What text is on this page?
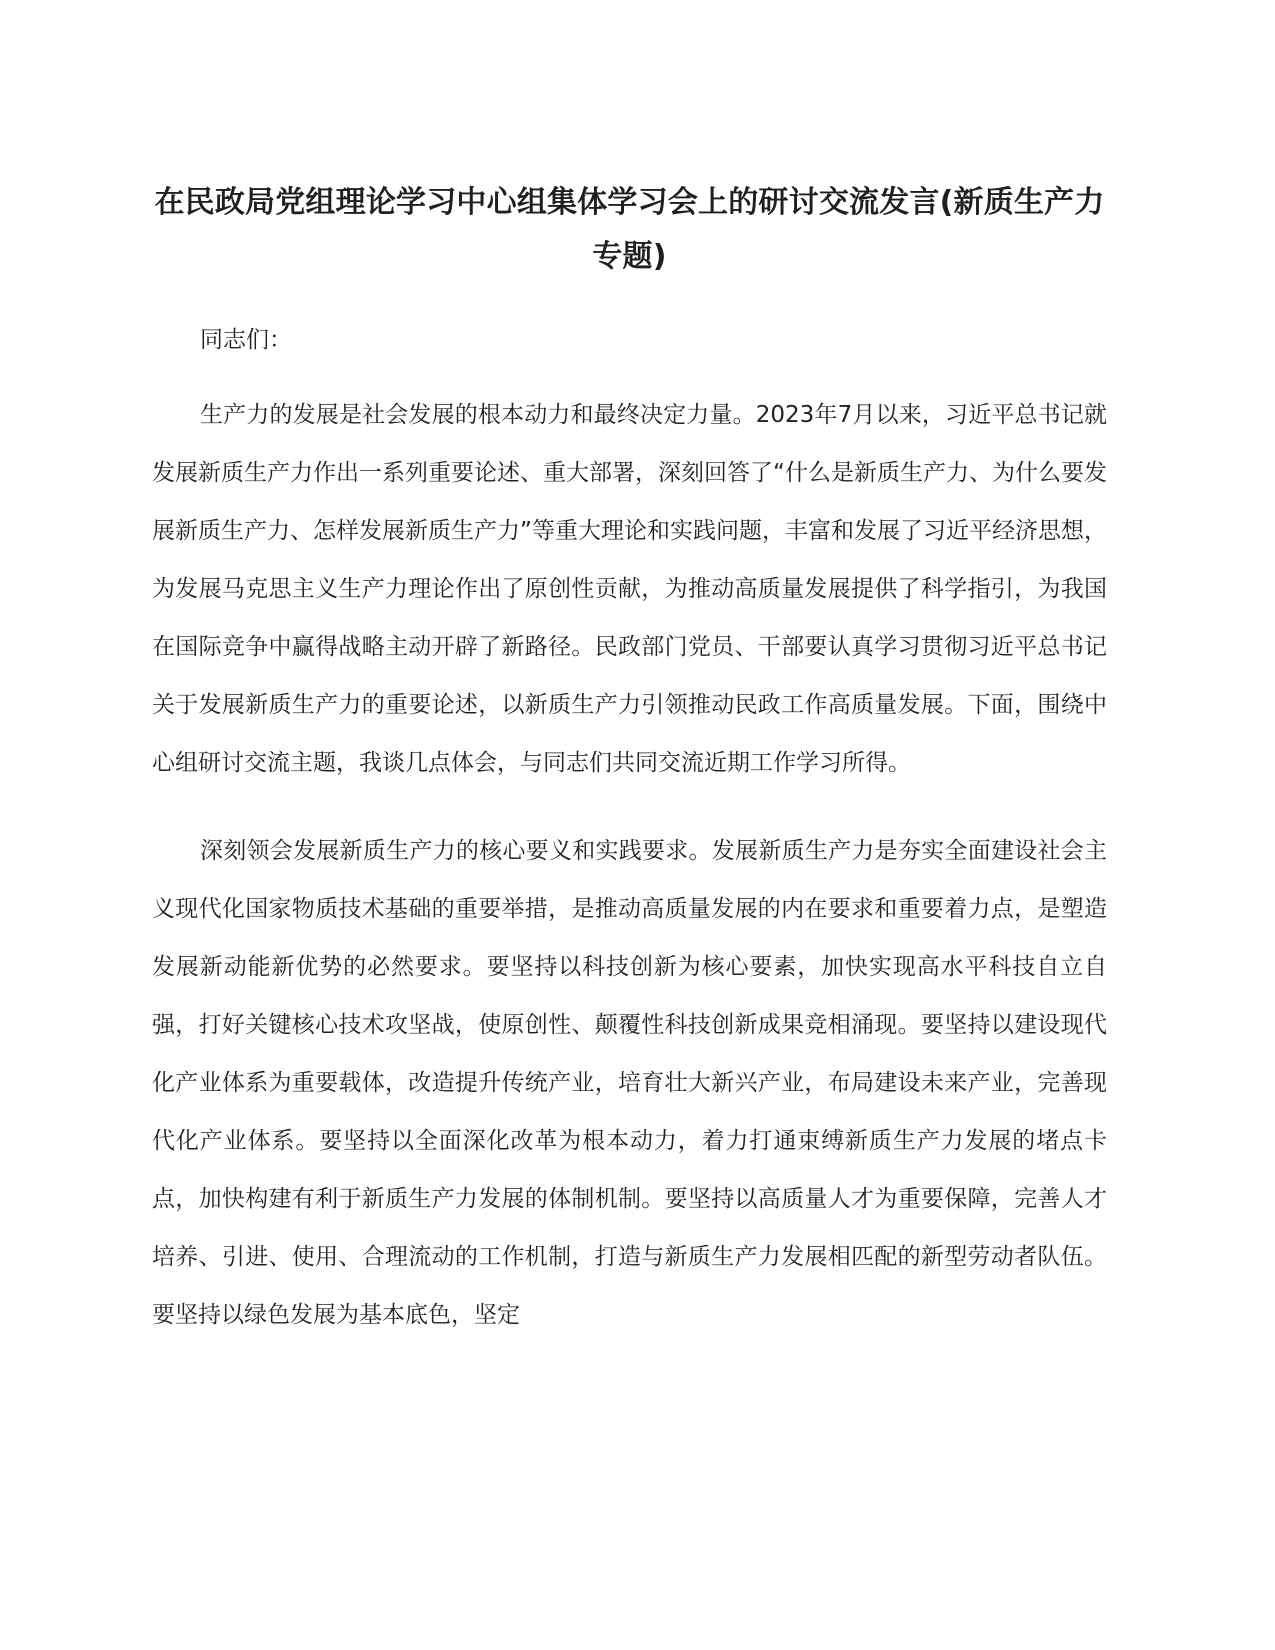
在民政局党组理论学习中心组集体学习会上的研讨交流发言(新质生产力专题)

同志们：

生产力的发展是社会发展的根本动力和最终决定力量。2023年7月以来，习近平总书记就发展新质生产力作出一系列重要论述、重大部署，深刻回答了“什么是新质生产力、为什么要发展新质生产力、怎样发展新质生产力”等重大理论和实践问题，丰富和发展了习近平经济思想，为发展马克思主义生产力理论作出了原创性贡献，为推动高质量发展提供了科学指引，为我国在国际竞争中赢得战略主动开辟了新路径。民政部门党员、干部要认真学习贯彻习近平总书记关于发展新质生产力的重要论述，以新质生产力引领推动民政工作高质量发展。下面，围绕中心组研讨交流主题，我谈几点体会，与同志们共同交流近期工作学习所得。

深刻领会发展新质生产力的核心要义和实践要求。发展新质生产力是夯实全面建设社会主义现代化国家物质技术基础的重要举措，是推动高质量发展的内在要求和重要着力点，是塑造发展新动能新优势的必然要求。要坚持以科技创新为核心要素，加快实现高水平科技自立自强，打好关键核心技术攻坚战，使原创性、颠覆性科技创新成果竞相涌现。要坚持以建设现代化产业体系为重要载体，改造提升传统产业，培育壮大新兴产业，布局建设未来产业，完善现代化产业体系。要坚持以全面深化改革为根本动力，着力打通束缚新质生产力发展的堵点卡点，加快构建有利于新质生产力发展的体制机制。要坚持以高质量人才为重要保障，完善人才培养、引进、使用、合理流动的工作机制，打造与新质生产力发展相匹配的新型劳动者队伍。要坚持以绿色发展为基本底色，坚定
